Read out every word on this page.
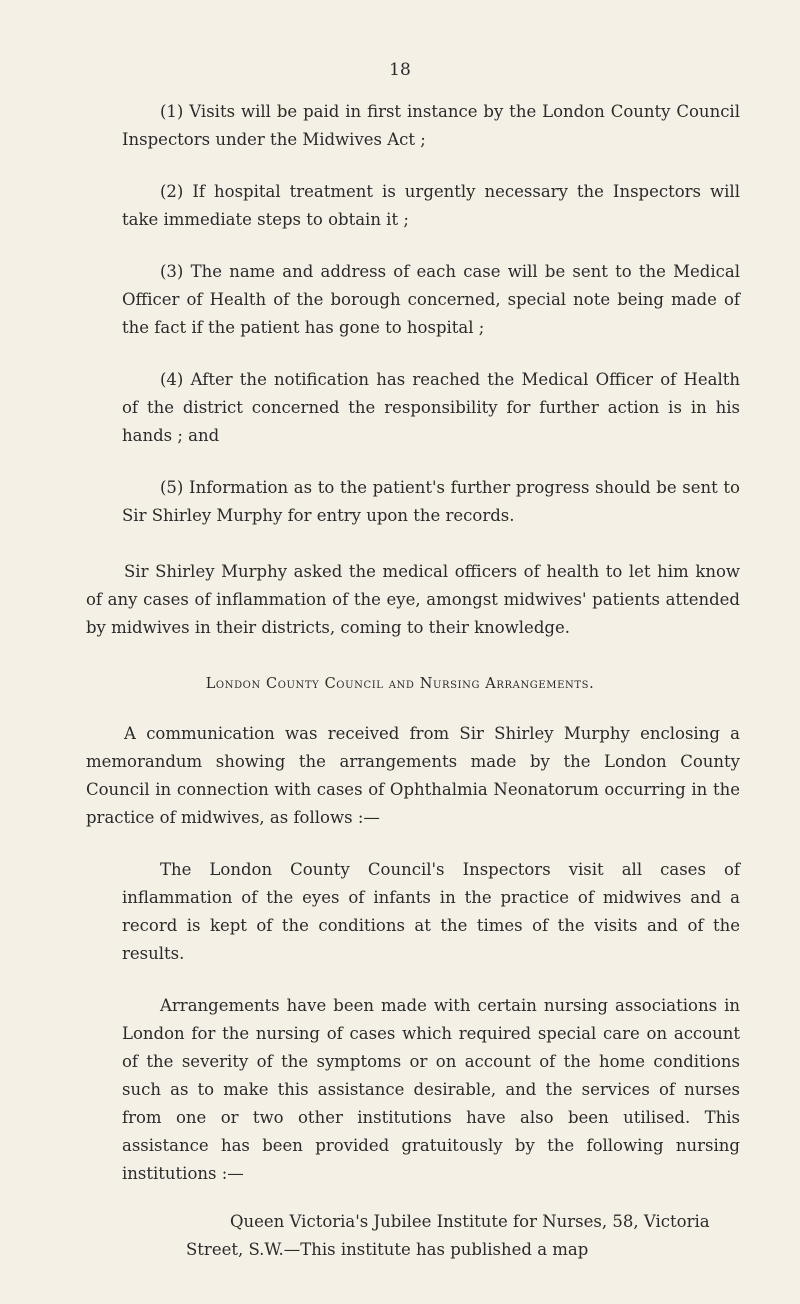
18

(1) Visits will be paid in first instance by the London County Council Inspectors under the Midwives Act ;

(2) If hospital treatment is urgently necessary the Inspectors will take immediate steps to obtain it ;

(3) The name and address of each case will be sent to the Medical Officer of Health of the borough concerned, special note being made of the fact if the patient has gone to hospital ;

(4) After the notification has reached the Medical Officer of Health of the district concerned the responsibility for further action is in his hands ; and

(5) Information as to the patient's further progress should be sent to Sir Shirley Murphy for entry upon the records.

Sir Shirley Murphy asked the medical officers of health to let him know of any cases of inflammation of the eye, amongst midwives' patients attended by midwives in their districts, coming to their knowledge.

London County Council and Nursing Arrangements.

A communication was received from Sir Shirley Murphy enclosing a memorandum showing the arrangements made by the London County Council in connection with cases of Ophthalmia Neonatorum occurring in the practice of midwives, as follows :—

The London County Council's Inspectors visit all cases of inflammation of the eyes of infants in the practice of midwives and a record is kept of the conditions at the times of the visits and of the results.

Arrangements have been made with certain nursing associations in London for the nursing of cases which required special care on account of the severity of the symptoms or on account of the home conditions such as to make this assistance desirable, and the services of nurses from one or two other institutions have also been utilised. This assistance has been provided gratuitously by the following nursing institutions :—

Queen Victoria's Jubilee Institute for Nurses, 58, Victoria Street, S.W.—This institute has published a map
